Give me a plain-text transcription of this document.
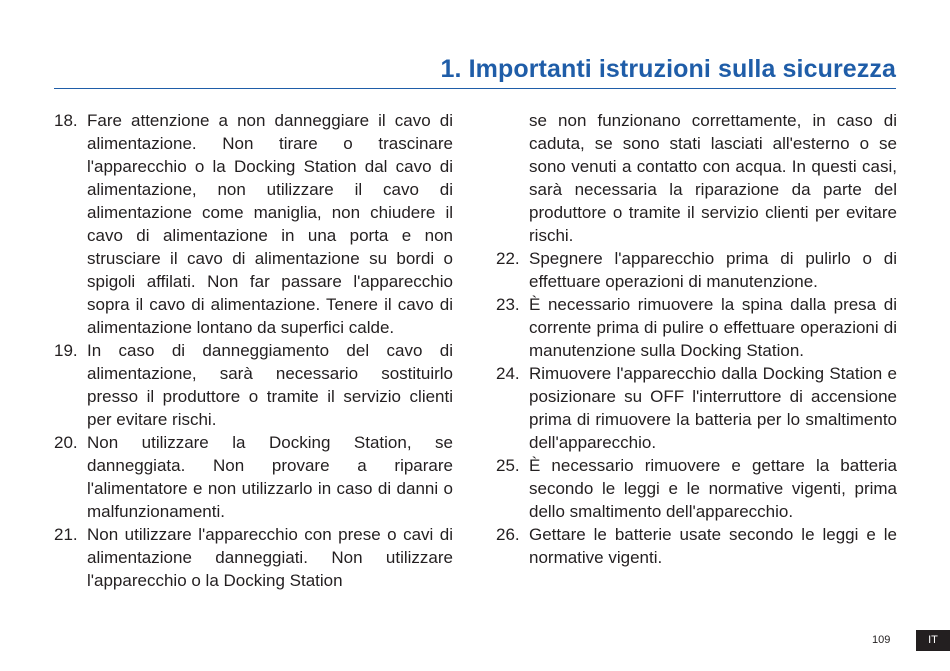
1. Importanti istruzioni sulla sicurezza
18. Fare attenzione a non danneggiare il cavo di alimentazione. Non tirare o trascinare l'apparecchio o la Docking Station dal cavo di alimentazione, non utilizzare il cavo di alimentazione come maniglia, non chiudere il cavo di alimentazione in una porta e non strusciare il cavo di alimentazione su bordi o spigoli affilati. Non far passare l'apparecchio sopra il cavo di alimentazione. Tenere il cavo di alimentazione lontano da superfici calde.
19. In caso di danneggiamento del cavo di alimentazione, sarà necessario sostituirlo presso il produttore o tramite il servizio clienti per evitare rischi.
20. Non utilizzare la Docking Station, se danneggiata. Non provare a riparare l'alimentatore e non utilizzarlo in caso di danni o malfunzionamenti.
21. Non utilizzare l'apparecchio con prese o cavi di alimentazione danneggiati. Non utilizzare l'apparecchio o la Docking Station
se non funzionano correttamente, in caso di caduta, se sono stati lasciati all'esterno o se sono venuti a contatto con acqua. In questi casi, sarà necessaria la riparazione da parte del produttore o tramite il servizio clienti per evitare rischi.
22. Spegnere l'apparecchio prima di pulirlo o di effettuare operazioni di manutenzione.
23. È necessario rimuovere la spina dalla presa di corrente prima di pulire o effettuare operazioni di manutenzione sulla Docking Station.
24. Rimuovere l'apparecchio dalla Docking Station e posizionare su OFF l'interruttore di accensione prima di rimuovere la batteria per lo smaltimento dell'apparecchio.
25. È necessario rimuovere e gettare la batteria secondo le leggi e le normative vigenti, prima dello smaltimento dell'apparecchio.
26. Gettare le batterie usate secondo le leggi e le normative vigenti.
109	IT
